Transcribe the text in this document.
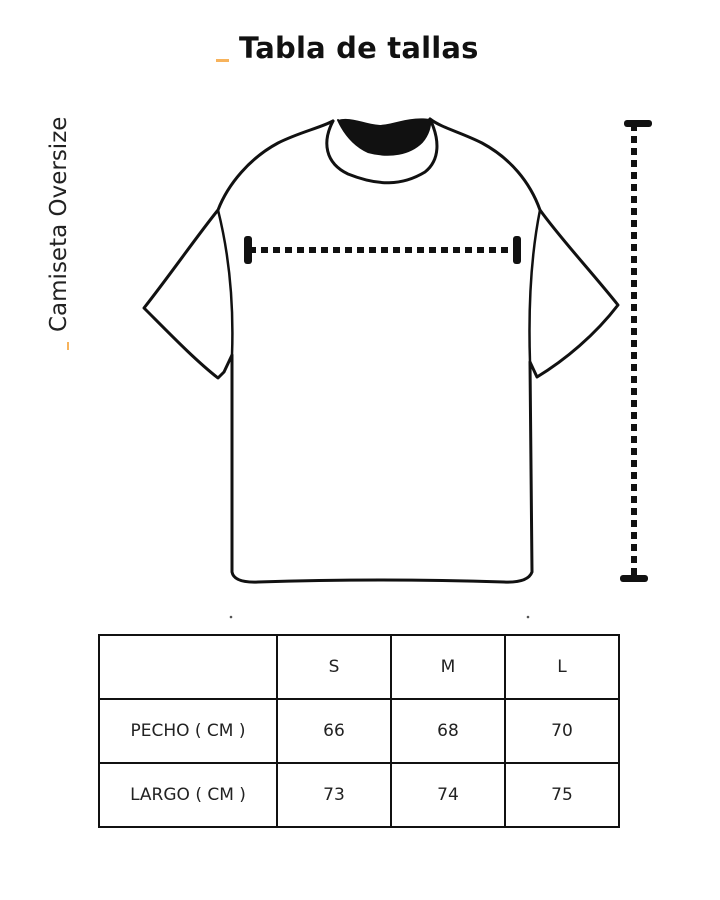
Tabla de tallas
Camiseta Oversize
	S	M	L
PECHO ( CM )	66	68	70
LARGO ( CM )	73	74	75
